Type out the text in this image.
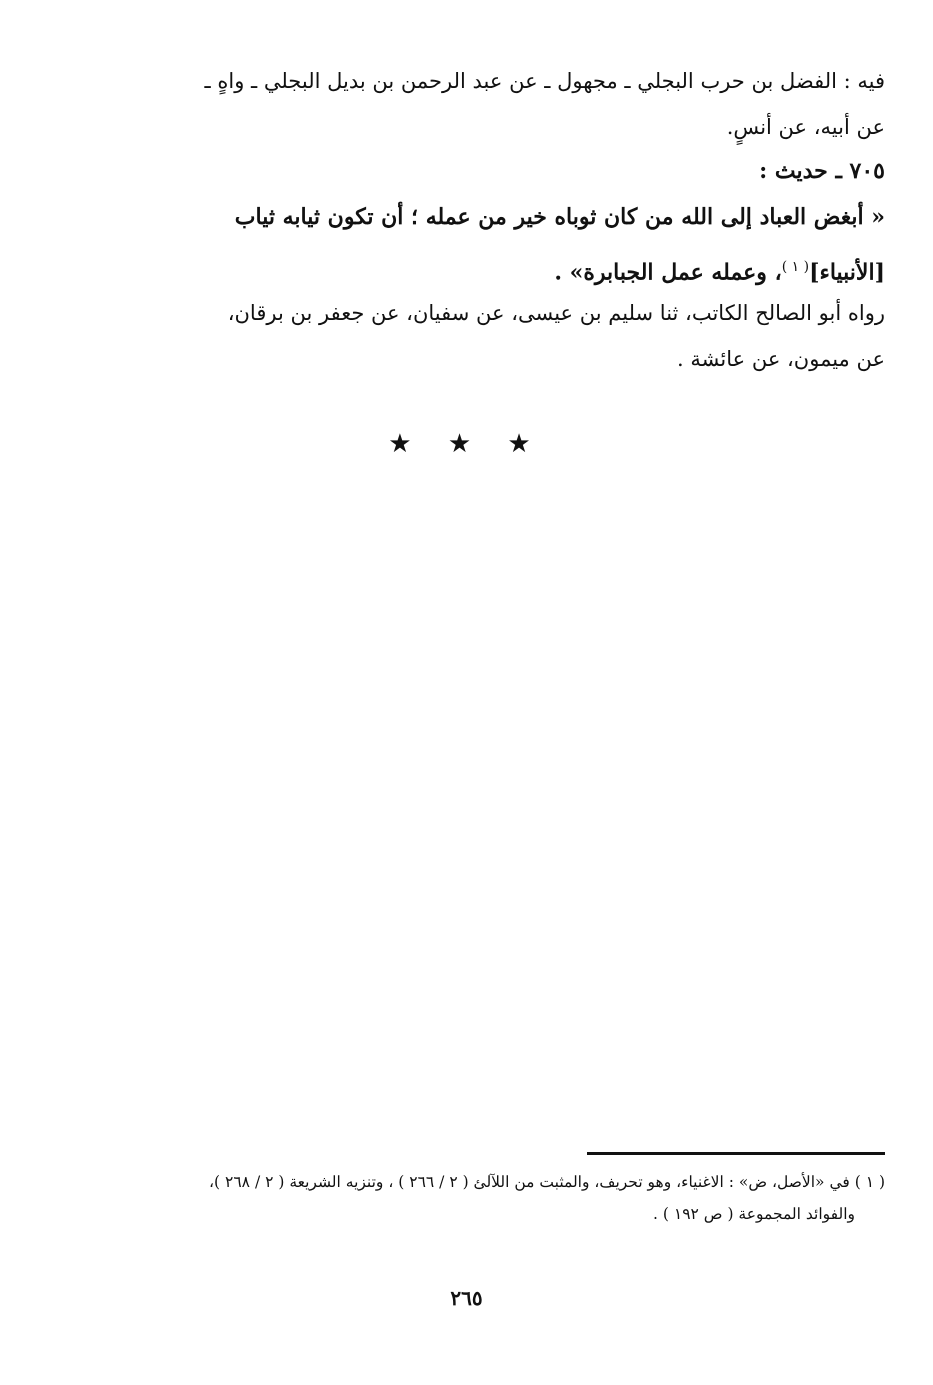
فيه : الفضل بن حرب البجلي ـ مجهول ـ عن عبد الرحمن بن بديل البجلي ـ واهٍ ـ
عن أبيه، عن أنسٍ.
٧٠٥ ـ حديث :
« أبغض العباد إلى الله من كان ثوباه خير من عمله ؛ أن تكون ثيابه ثياب
[الأنبياء]$^{( ١ )}$، وعمله عمل الجبابرة» .
رواه أبو الصالح الكاتب، ثنا سليم بن عيسى، عن سفيان، عن جعفر بن برقان،
عن ميمون، عن عائشة .
★ ★ ★
( ١ ) في «الأصل، ض» : الاغنياء، وهو تحريف، والمثبت من اللآلئ ( ٢ / ٢٦٦ ) ، وتنزيه الشريعة ( ٢ / ٢٦٨ )،
والفوائد المجموعة ( ص ١٩٢ ) .
٢٦٥
